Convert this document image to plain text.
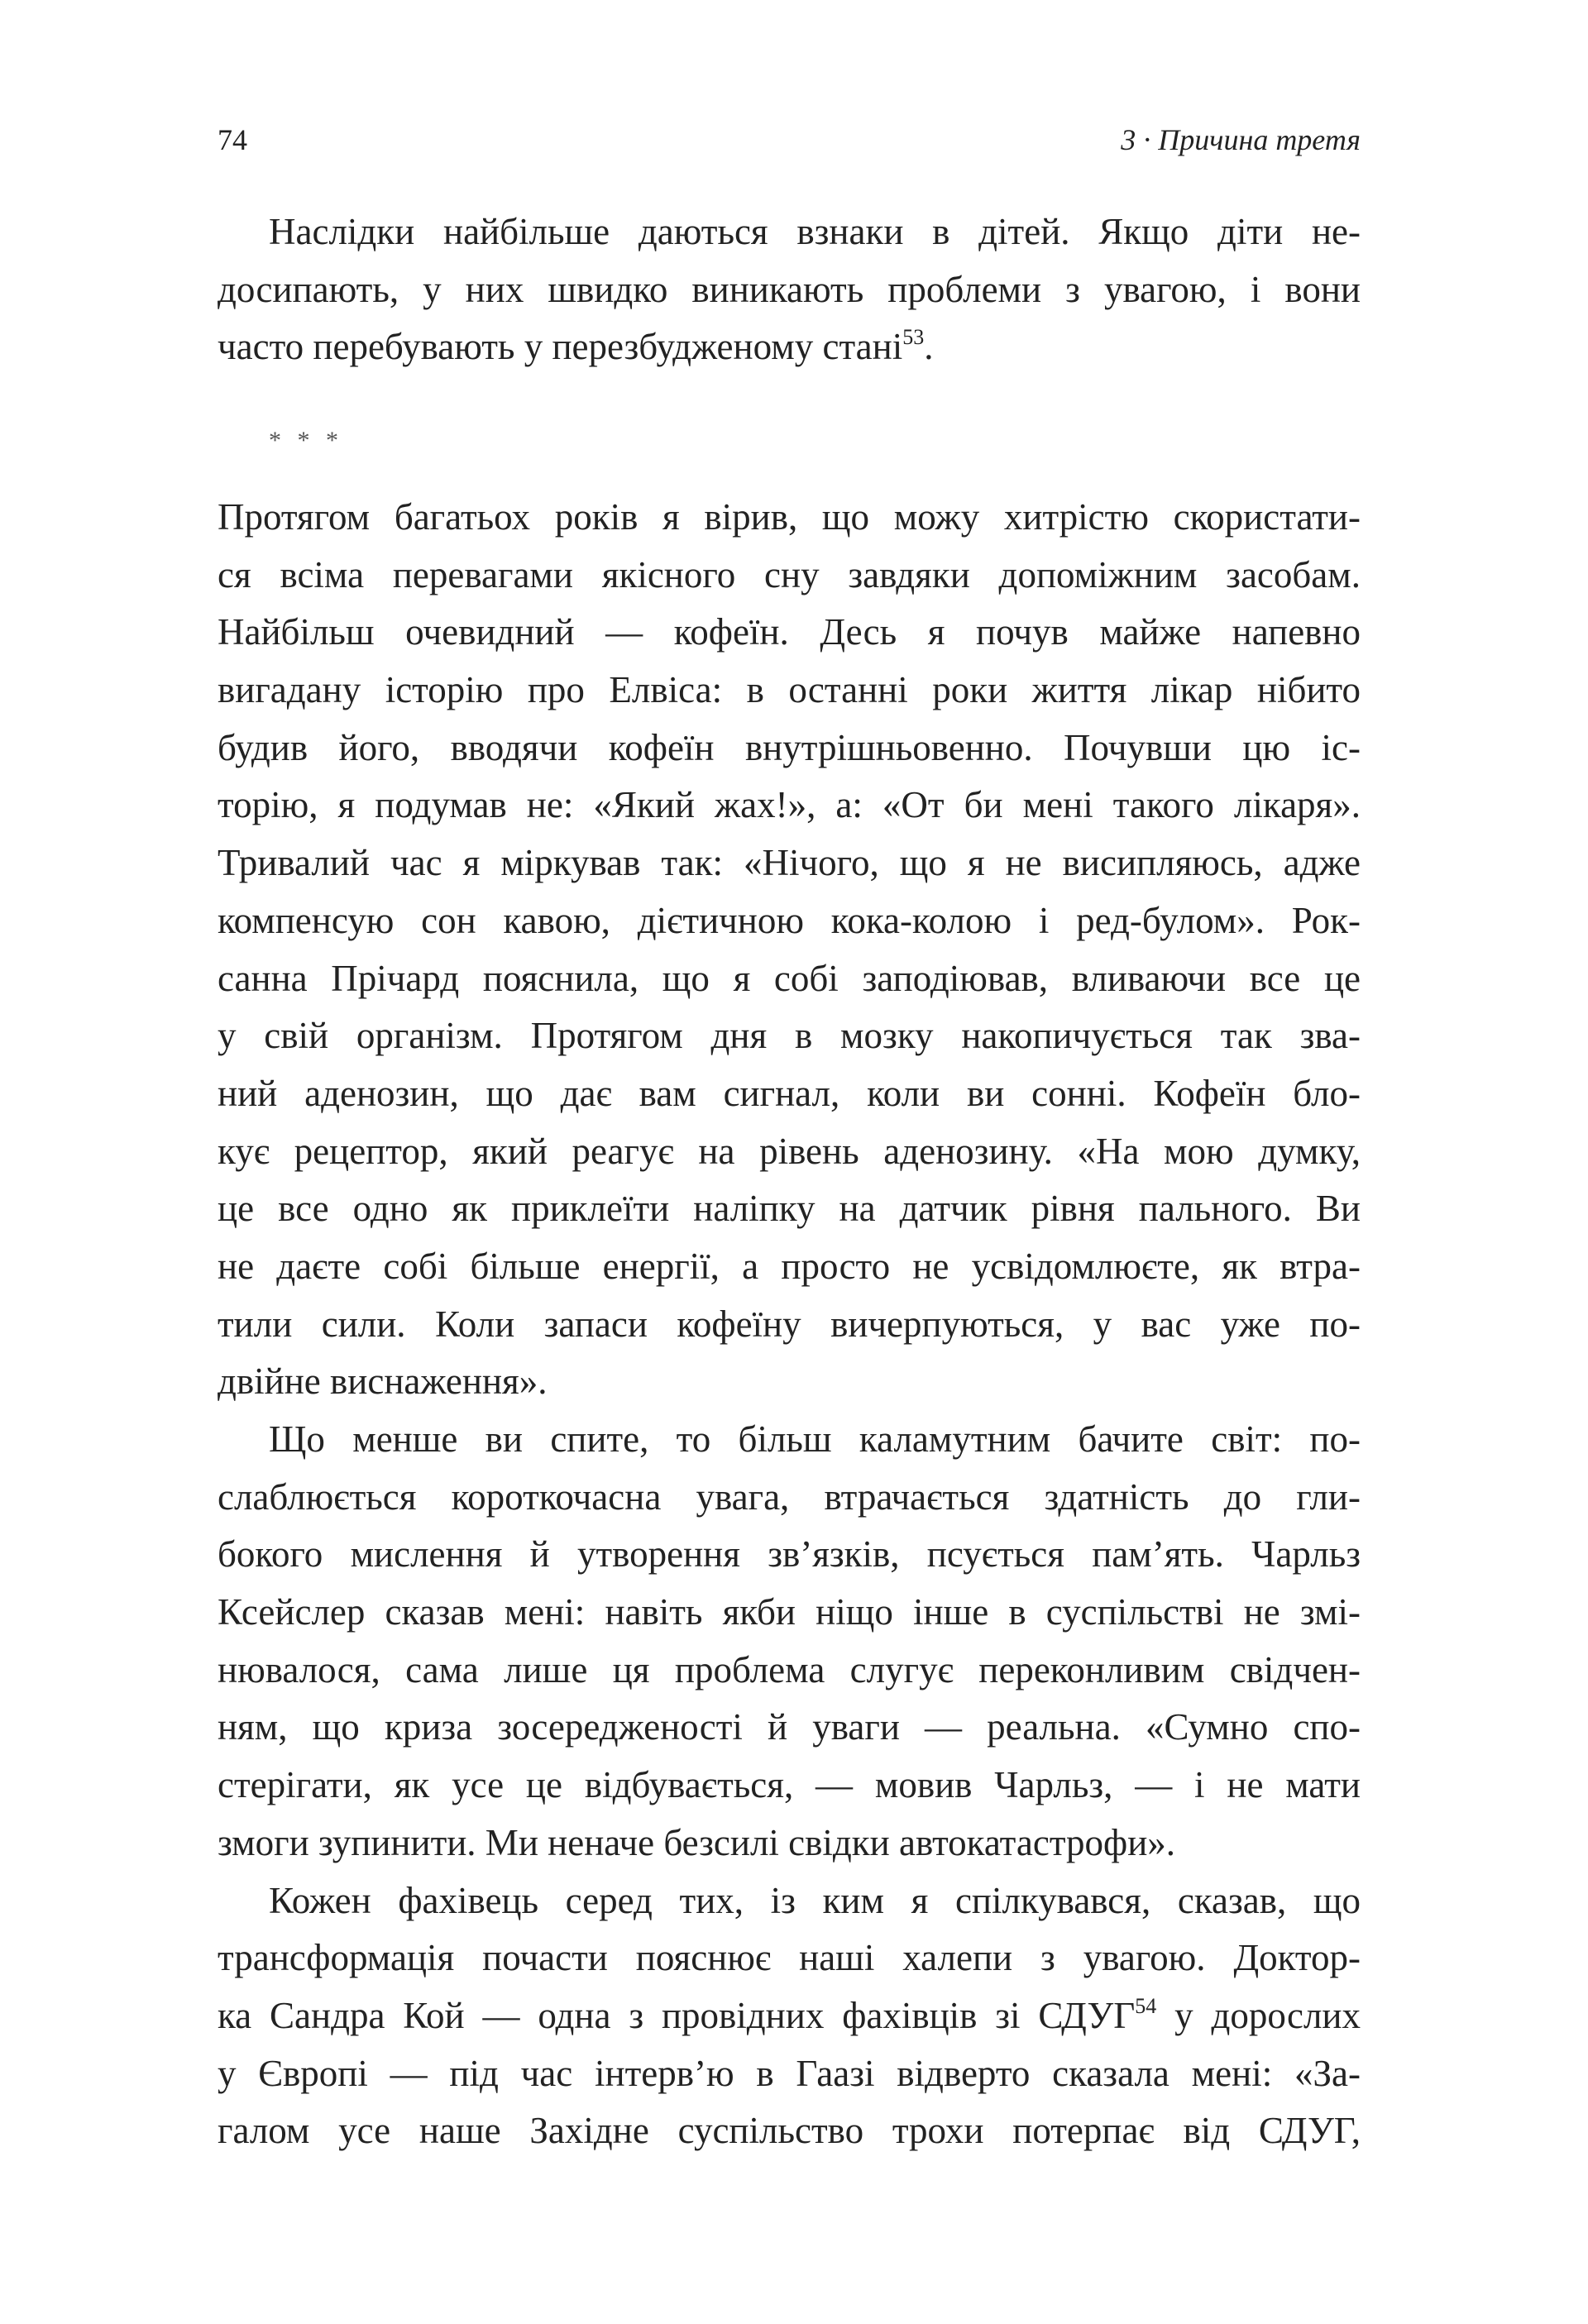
74	3 · Причина третя
Наслідки найбільше даються взнаки в дітей. Якщо діти не-
досипають, у них швидко виникають проблеми з увагою, і вони
часто перебувають у перезбудженому стані$^{53}$.
* * *
Протягом багатьох років я вірив, що можу хитрістю скористати-
ся всіма перевагами якісного сну завдяки допоміжним засобам.
Найбільш очевидний — кофеїн. Десь я почув майже напевно
вигадану історію про Елвіса: в останні роки життя лікар нібито
будив його, вводячи кофеїн внутрішньовенно. Почувши цю іс-
торію, я подумав не: «Який жах!», а: «От би мені такого лікаря».
Тривалий час я міркував так: «Нічого, що я не висипляюсь, адже
компенсую сон кавою, дієтичною кока-колою і ред-булом». Рок-
санна Прічард пояснила, що я собі заподіював, вливаючи все це
у свій організм. Протягом дня в мозку накопичується так зва-
ний аденозин, що дає вам сигнал, коли ви сонні. Кофеїн бло-
кує рецептор, який реагує на рівень аденозину. «На мою думку,
це все одно як приклеїти наліпку на датчик рівня пального. Ви
не даєте собі більше енергії, а просто не усвідомлюєте, як втра-
тили сили. Коли запаси кофеїну вичерпуються, у вас уже по-
двійне виснаження».
Що менше ви спите, то більш каламутним бачите світ: по-
слаблюється короткочасна увага, втрачається здатність до гли-
бокого мислення й утворення зв’язків, псується пам’ять. Чарльз
Ксейслер сказав мені: навіть якби ніщо інше в суспільстві не змі-
нювалося, сама лише ця проблема слугує переконливим свідчен-
ням, що криза зосередженості й уваги — реальна. «Сумно спо-
стерігати, як усе це відбувається, — мовив Чарльз, — і не мати
змоги зупинити. Ми неначе безсилі свідки автокатастрофи».
Кожен фахівець серед тих, із ким я спілкувався, сказав, що
трансформація почасти пояснює наші халепи з увагою. Доктор-
ка Сандра Кой — одна з провідних фахівців зі СДУГ$^{54}$ у дорослих
у Європі — під час інтерв’ю в Гаазі відверто сказала мені: «За-
галом усе наше Західне суспільство трохи потерпає від СДУГ,
